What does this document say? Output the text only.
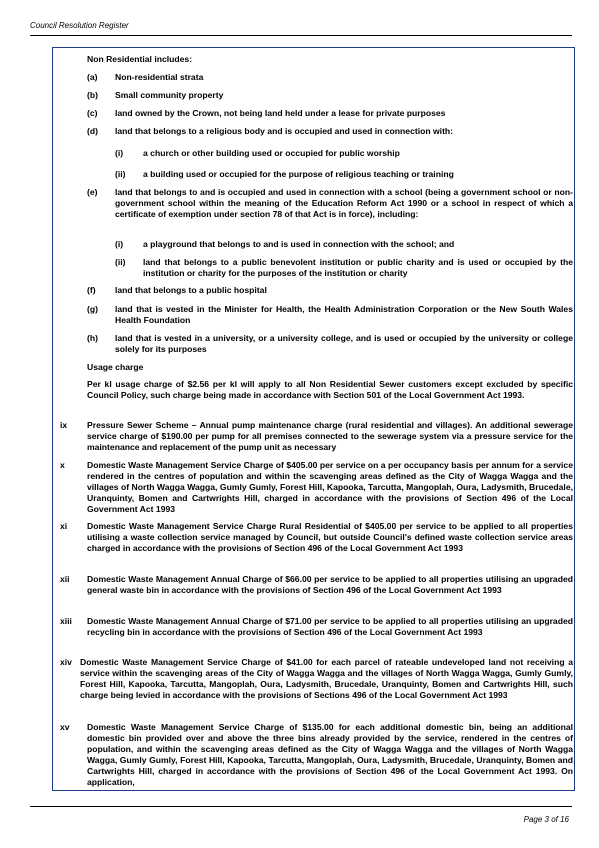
Council Resolution Register
Non Residential includes:
(a) Non-residential strata
(b) Small community property
(c) land owned by the Crown, not being land held under a lease for private purposes
(d) land that belongs to a religious body and is occupied and used in connection with:
(i) a church or other building used or occupied for public worship
(ii) a building used or occupied for the purpose of religious teaching or training
(e) land that belongs to and is occupied and used in connection with a school (being a government school or non-government school within the meaning of the Education Reform Act 1990 or a school in respect of which a certificate of exemption under section 78 of that Act is in force), including:
(i) a playground that belongs to and is used in connection with the school; and
(ii) land that belongs to a public benevolent institution or public charity and is used or occupied by the institution or charity for the purposes of the institution or charity
(f) land that belongs to a public hospital
(g) land that is vested in the Minister for Health, the Health Administration Corporation or the New South Wales Health Foundation
(h) land that is vested in a university, or a university college, and is used or occupied by the university or college solely for its purposes
Usage charge
Per kl usage charge of $2.56 per kl will apply to all Non Residential Sewer customers except excluded by specific Council Policy, such charge being made in accordance with Section 501 of the Local Government Act 1993.
ix Pressure Sewer Scheme – Annual pump maintenance charge (rural residential and villages). An additional sewerage service charge of $190.00 per pump for all premises connected to the sewerage system via a pressure service for the maintenance and replacement of the pump unit as necessary
x	Domestic Waste Management Service Charge of $405.00 per service on a per occupancy basis per annum for a service rendered in the centres of population and within the scavenging areas defined as the City of Wagga Wagga and the villages of North Wagga Wagga, Gumly Gumly, Forest Hill, Kapooka, Tarcutta, Mangoplah, Oura, Ladysmith, Brucedale, Uranquinty, Bomen and Cartwrights Hill, charged in accordance with the provisions of Section 496 of the Local Government Act 1993
xi Domestic Waste Management Service Charge Rural Residential of $405.00 per service to be applied to all properties utilising a waste collection service managed by Council, but outside Council's defined waste collection service areas charged in accordance with the provisions of Section 496 of the Local Government Act 1993
xii Domestic Waste Management Annual Charge of $66.00 per service to be applied to all properties utilising an upgraded general waste bin in accordance with the provisions of Section 496 of the Local Government Act 1993
xiii Domestic Waste Management Annual Charge of $71.00 per service to be applied to all properties utilising an upgraded recycling bin in accordance with the provisions of Section 496 of the Local Government Act 1993
xiv Domestic Waste Management Service Charge of $41.00 for each parcel of rateable undeveloped land not receiving a service within the scavenging areas of the City of Wagga Wagga and the villages of North Wagga Wagga, Gumly Gumly, Forest Hill, Kapooka, Tarcutta, Mangoplah, Oura, Ladysmith, Brucedale, Uranquinty, Bomen and Cartwrights Hill, such charge being levied in accordance with the provisions of Sections 496 of the Local Government Act 1993
xv Domestic Waste Management Service Charge of $135.00 for each additional domestic bin, being an additional domestic bin provided over and above the three bins already provided by the service, rendered in the centres of population, and within the scavenging areas defined as the City of Wagga Wagga and the villages of North Wagga Wagga, Gumly Gumly, Forest Hill, Kapooka, Tarcutta, Mangoplah, Oura, Ladysmith, Brucedale, Uranquinty, Bomen and Cartwrights Hill, charged in accordance with the provisions of Section 496 of the Local Government Act 1993. On application,
Page 3 of 16
